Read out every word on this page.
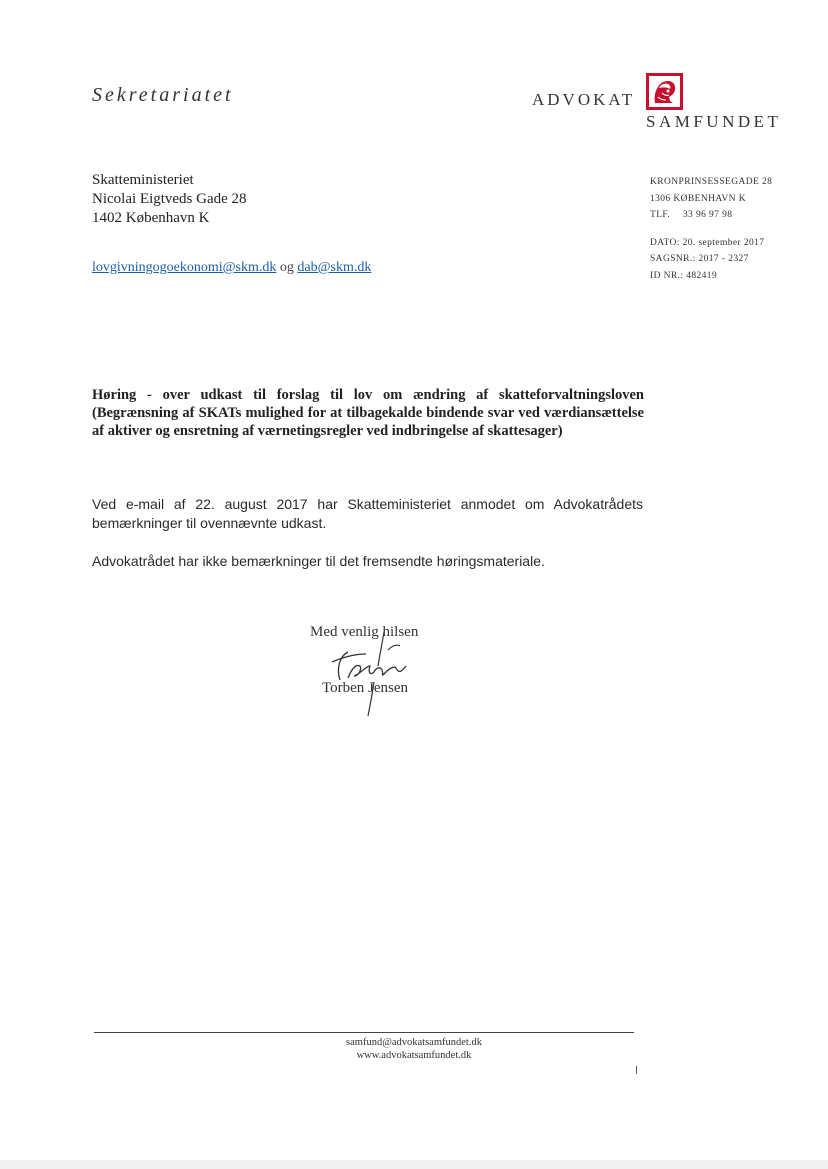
Sekretariatet	ADVOKAT
SAMFUNDET
Skatteministeriet
Nicolai Eigtveds Gade 28
1402 København K
KRONPRINSESSEGADE 28
1306 KØBENHAVN K
TLF. 33 96 97 98
DATO: 20. september 2017
SAGSNR.: 2017 - 2327
ID NR.: 482419
lovgivningogoekonomi@skm.dk og dab@skm.dk
Høring - over udkast til forslag til lov om ændring af skatteforvaltningsloven (Begrænsning af SKATs mulighed for at tilbagekalde bindende svar ved værdiansættelse af aktiver og ensretning af værnetingsregler ved indbringelse af skattesager)
Ved e-mail af 22. august 2017 har Skatteministeriet anmodet om Advokatrådets bemærkninger til ovennævnte udkast.
Advokatrådet har ikke bemærkninger til det fremsendte høringsmateriale.
Med venlig hilsen
Torben Jensen
samfund@advokatsamfundet.dk
www.advokatsamfundet.dk
